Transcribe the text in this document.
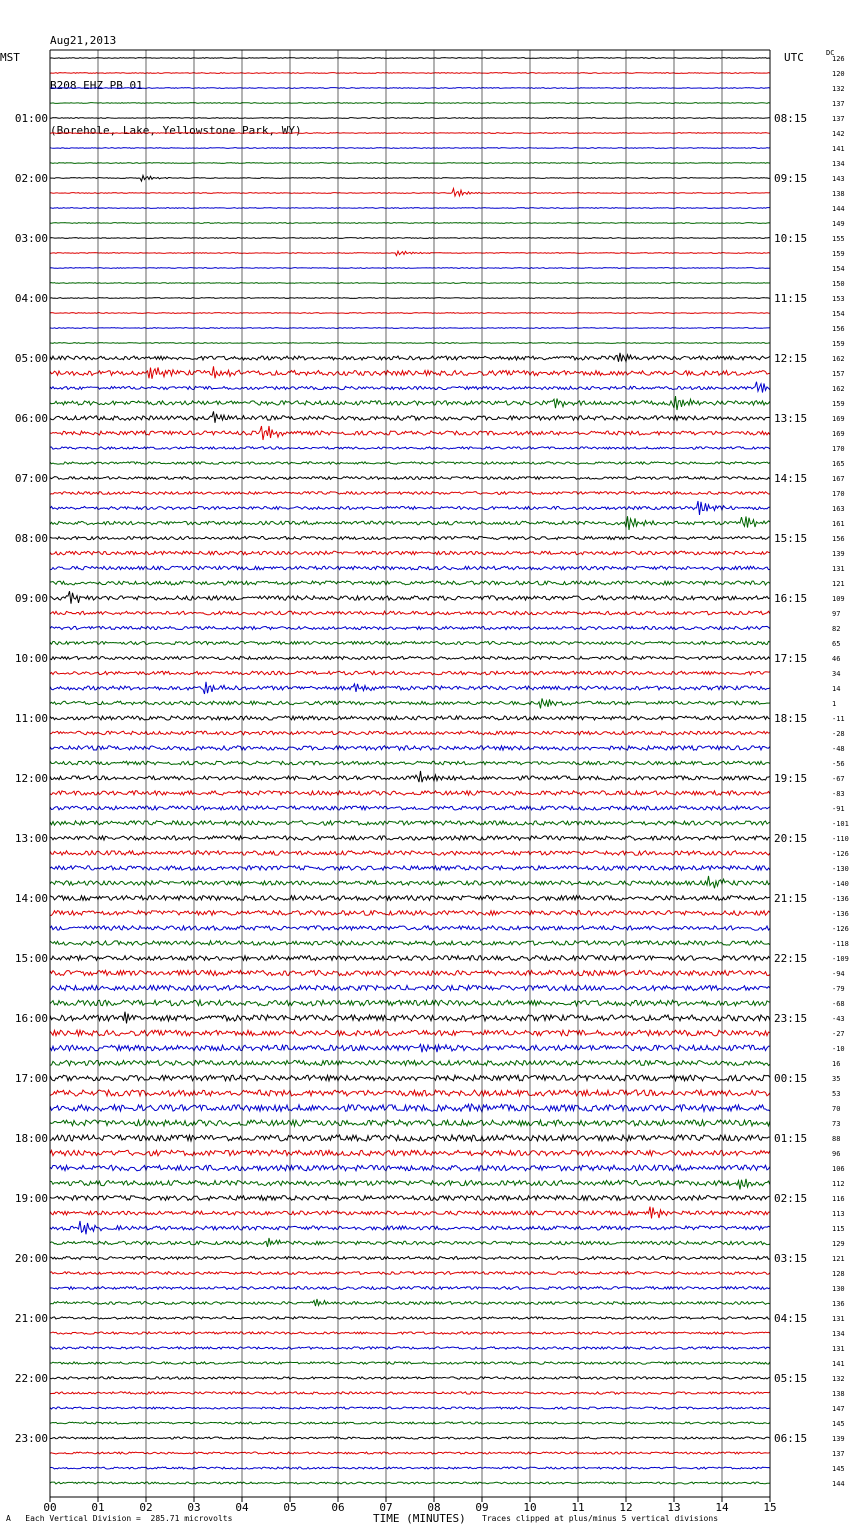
Aug21,2013

B208 EHZ PB 01

(Borehole, Lake, Yellowstone Park, WY)

126
120
132
137
137
142
141
134
143
138
144
149
155
159
154
150
153
154
156
159
162
157
162
159
169
169
170
165
167
170
163
161
156
139
131
121
109
97
82
65
46
34
14
1
-11
-28
-48
-56
-67
-83
-91
-101
-110
-126
-130
-140
-136
-136
-126
-118
-109
-94
-79
-68
-43
-27
-10
16
35
53
70
73
88
96
106
112
116
113
115
129
121
128
130
136
131
134
131
141
132
138
147
145
139
137
145
144
00	01	02	03	04	05	06	07	08	09	10	11	12	13	14	15
01:00
02:00
03:00
04:00
05:00
06:00
07:00
08:00
09:00
10:00
11:00
12:00
13:00
14:00
15:00
16:00
17:00
18:00
19:00
20:00
21:00
22:00
23:00
08:15
09:15
10:15
11:15
12:15
13:15
14:15
15:15
16:15
17:15
18:15
19:15
20:15
21:15
22:15
23:15
00:15
01:15
02:15
03:15
04:15
05:15
06:15
MST	UTC	DC
A Each Vertical Division =  285.71 microvolts	TIME (MINUTES) Traces clipped at plus/minus 5 vertical divisions
